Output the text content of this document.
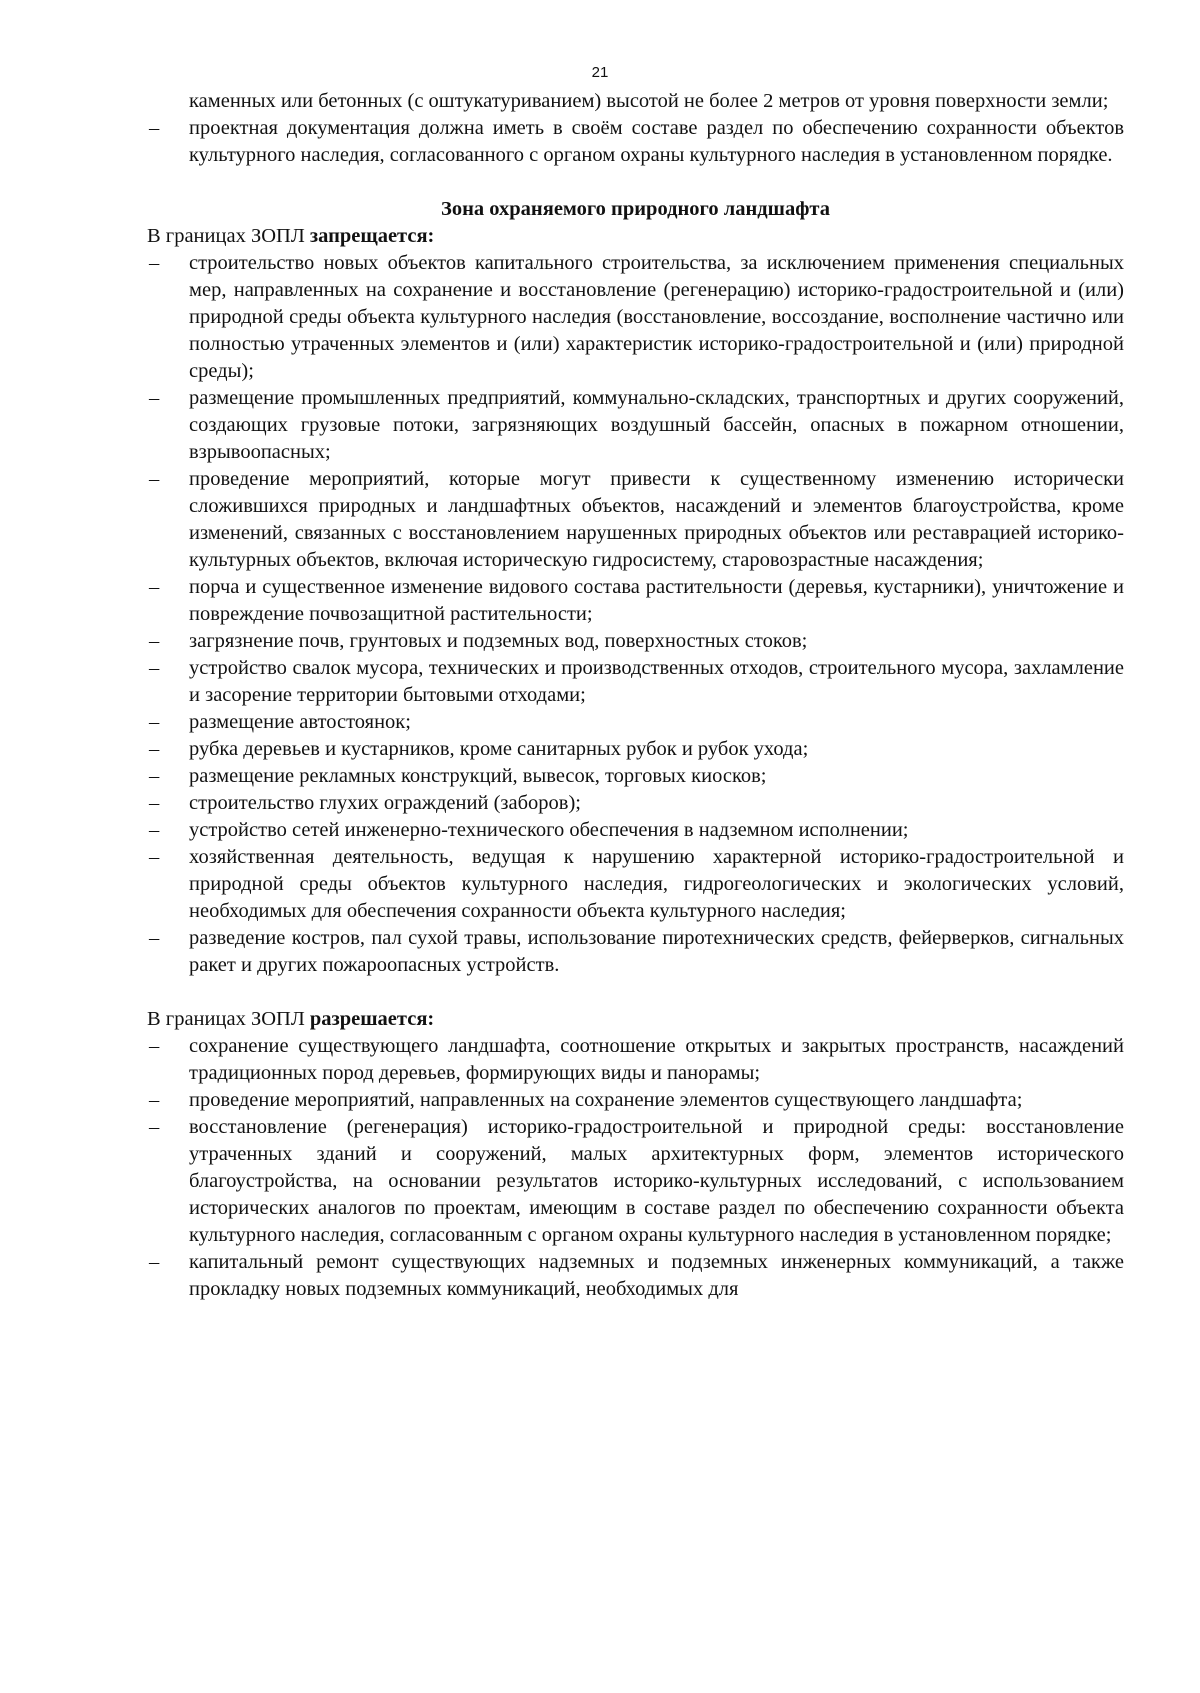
21
каменных или бетонных (с оштукатуриванием) высотой не более 2 метров от уровня поверхности земли;
– проектная документация должна иметь в своём составе раздел по обеспечению сохранности объектов культурного наследия, согласованного с органом охраны культурного наследия в установленном порядке.
Зона охраняемого природного ландшафта
В границах ЗОПЛ запрещается:
– строительство новых объектов капитального строительства, за исключением применения специальных мер, направленных на сохранение и восстановление (регенерацию) историко-градостроительной и (или) природной среды объекта культурного наследия (восстановление, воссоздание, восполнение частично или полностью утраченных элементов и (или) характеристик историко-градостроительной и (или) природной среды);
– размещение промышленных предприятий, коммунально-складских, транспортных и других сооружений, создающих грузовые потоки, загрязняющих воздушный бассейн, опасных в пожарном отношении, взрывоопасных;
– проведение мероприятий, которые могут привести к существенному изменению исторически сложившихся природных и ландшафтных объектов, насаждений и элементов благоустройства, кроме изменений, связанных с восстановлением нарушенных природных объектов или реставрацией историко-культурных объектов, включая историческую гидросистему, старовозрастные насаждения;
– порча и существенное изменение видового состава растительности (деревья, кустарники), уничтожение и повреждение почвозащитной растительности;
– загрязнение почв, грунтовых и подземных вод, поверхностных стоков;
– устройство свалок мусора, технических и производственных отходов, строительного мусора, захламление и засорение территории бытовыми отходами;
– размещение автостоянок;
– рубка деревьев и кустарников, кроме санитарных рубок и рубок ухода;
– размещение рекламных конструкций, вывесок, торговых киосков;
– строительство глухих ограждений (заборов);
– устройство сетей инженерно-технического обеспечения в надземном исполнении;
– хозяйственная деятельность, ведущая к нарушению характерной историко-градостроительной и природной среды объектов культурного наследия, гидрогеологических и экологических условий, необходимых для обеспечения сохранности объекта культурного наследия;
– разведение костров, пал сухой травы, использование пиротехнических средств, фейерверков, сигнальных ракет и других пожароопасных устройств.
В границах ЗОПЛ разрешается:
– сохранение существующего ландшафта, соотношение открытых и закрытых пространств, насаждений традиционных пород деревьев, формирующих виды и панорамы;
– проведение мероприятий, направленных на сохранение элементов существующего ландшафта;
– восстановление (регенерация) историко-градостроительной и природной среды: восстановление утраченных зданий и сооружений, малых архитектурных форм, элементов исторического благоустройства, на основании результатов историко-культурных исследований, с использованием исторических аналогов по проектам, имеющим в составе раздел по обеспечению сохранности объекта культурного наследия, согласованным с органом охраны культурного наследия в установленном порядке;
– капитальный ремонт существующих надземных и подземных инженерных коммуникаций, а также прокладку новых подземных коммуникаций, необходимых для
